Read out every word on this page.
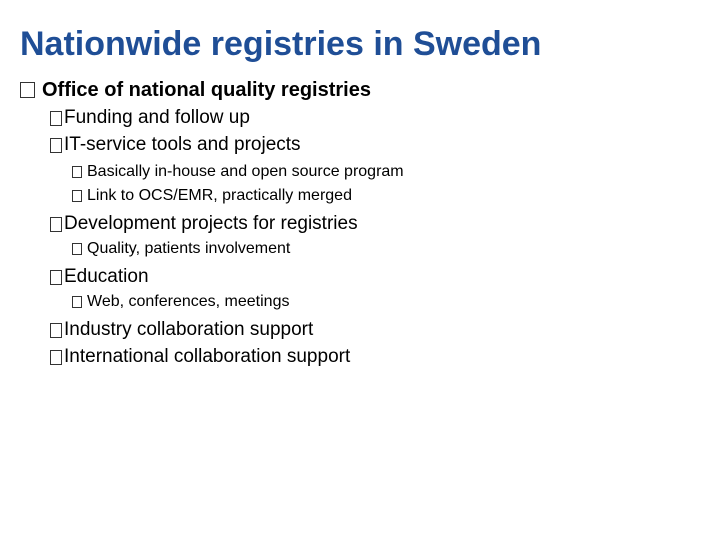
Nationwide registries in Sweden
Office of national quality registries
Funding and follow up
IT-service tools and projects
Basically in-house and open source program
Link to OCS/EMR, practically merged
Development projects for registries
Quality, patients involvement
Education
Web, conferences, meetings
Industry collaboration support
International collaboration support
